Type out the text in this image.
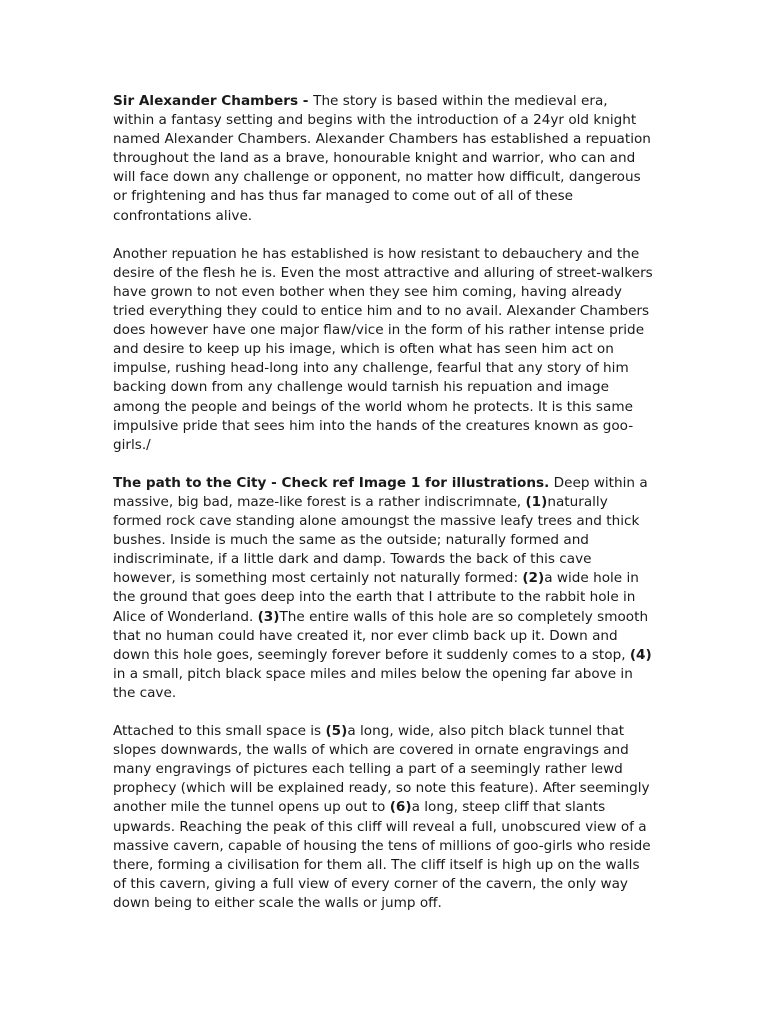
Sir Alexander Chambers - The story is based within the medieval era, within a fantasy setting and begins with the introduction of a 24yr old knight named Alexander Chambers. Alexander Chambers has established a repuation throughout the land as a brave, honourable knight and warrior, who can and will face down any challenge or opponent, no matter how difficult, dangerous or frightening and has thus far managed to come out of all of these confrontations alive.

Another repuation he has established is how resistant to debauchery and the desire of the flesh he is. Even the most attractive and alluring of street-walkers have grown to not even bother when they see him coming, having already tried everything they could to entice him and to no avail. Alexander Chambers does however have one major flaw/vice in the form of his rather intense pride and desire to keep up his image, which is often what has seen him act on impulse, rushing head-long into any challenge, fearful that any story of him backing down from any challenge would tarnish his repuation and image among the people and beings of the world whom he protects. It is this same impulsive pride that sees him into the hands of the creatures known as goo-girls./

The path to the City - Check ref Image 1 for illustrations. Deep within a massive, big bad, maze-like forest is a rather indiscrimnate, (1)naturally formed rock cave standing alone amoungst the massive leafy trees and thick bushes. Inside is much the same as the outside; naturally formed and indiscriminate, if a little dark and damp. Towards the back of this cave however, is something most certainly not naturally formed: (2)a wide hole in the ground that goes deep into the earth that I attribute to the rabbit hole in Alice of Wonderland. (3)The entire walls of this hole are so completely smooth that no human could have created it, nor ever climb back up it. Down and down this hole goes, seemingly forever before it suddenly comes to a stop, (4) in a small, pitch black space miles and miles below the opening far above in the cave.

Attached to this small space is (5)a long, wide, also pitch black tunnel that slopes downwards, the walls of which are covered in ornate engravings and many engravings of pictures each telling a part of a seemingly rather lewd prophecy (which will be explained ready, so note this feature). After seemingly another mile the tunnel opens up out to (6)a long, steep cliff that slants upwards. Reaching the peak of this cliff will reveal a full, unobscured view of a massive cavern, capable of housing the tens of millions of goo-girls who reside there, forming a civilisation for them all. The cliff itself is high up on the walls of this cavern, giving a full view of every corner of the cavern, the only way down being to either scale the walls or jump off.
